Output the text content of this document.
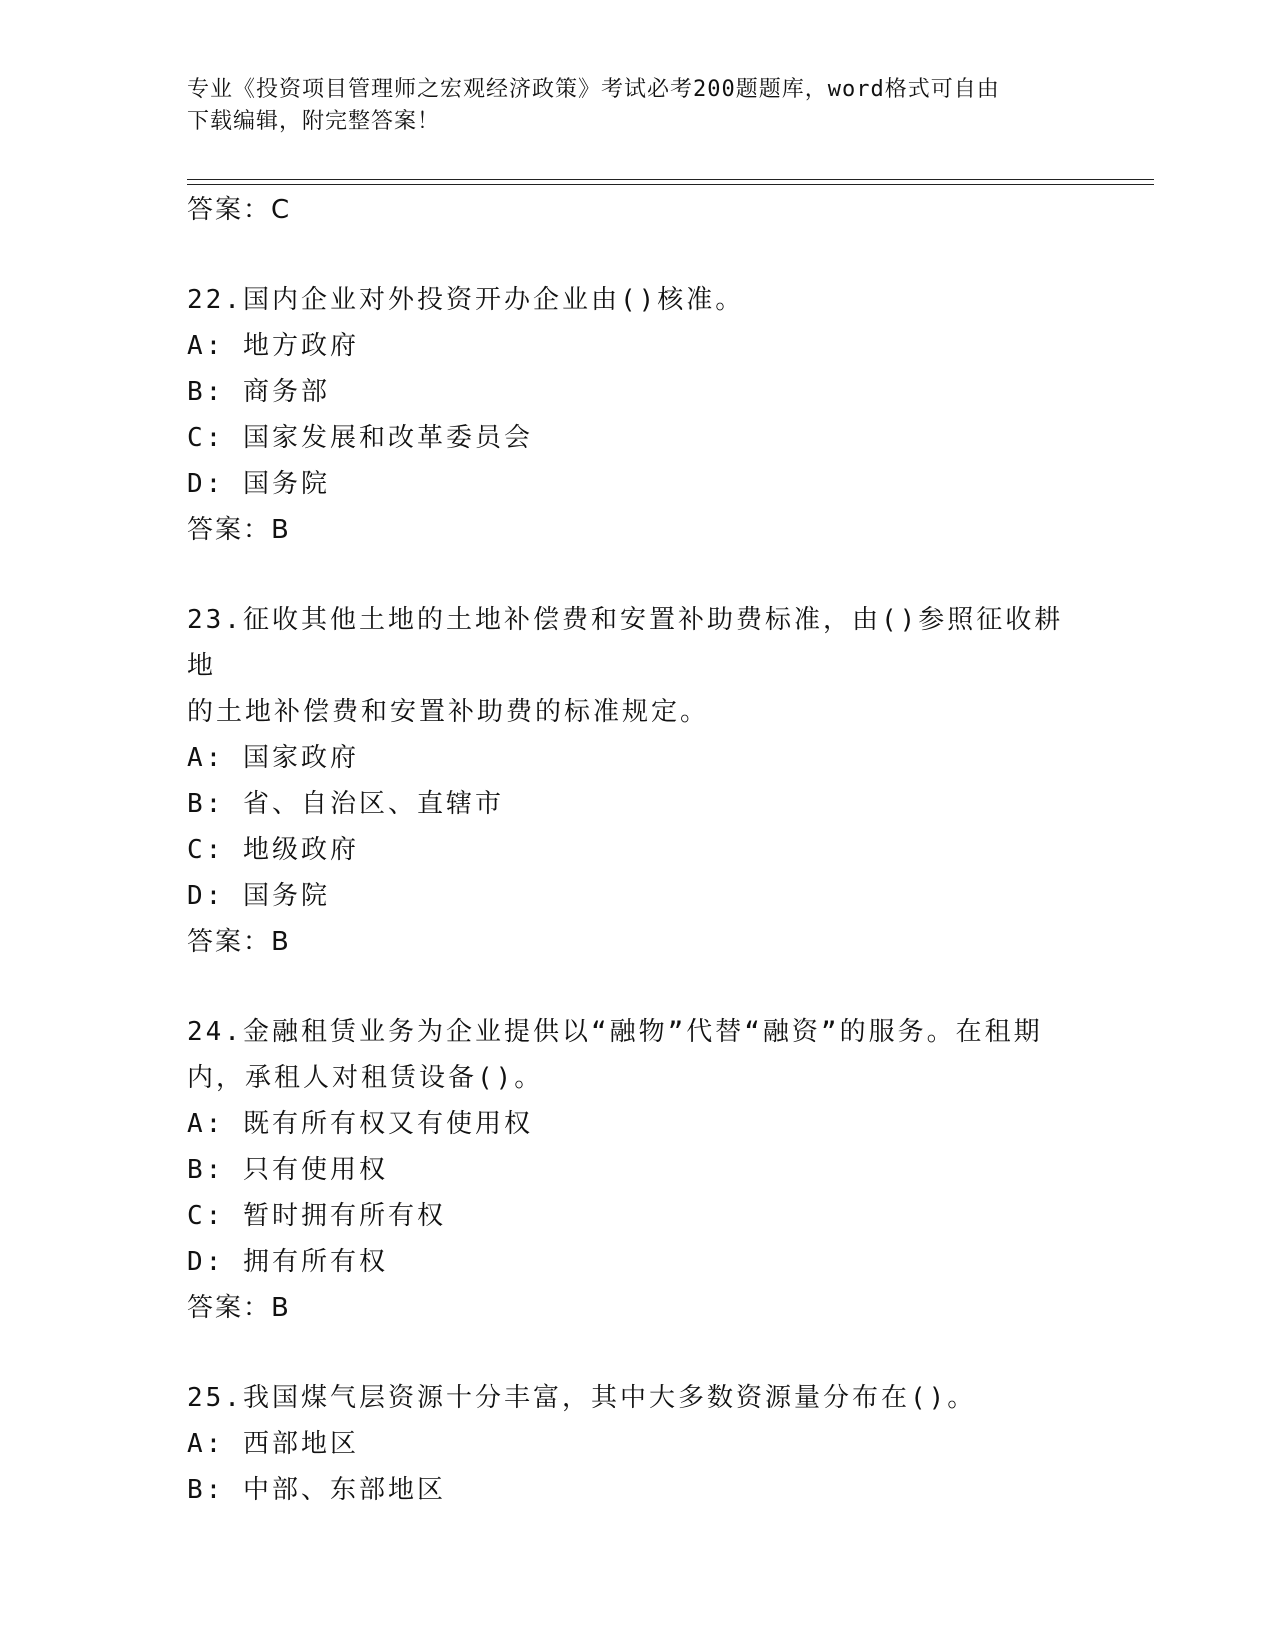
专业《投资项目管理师之宏观经济政策》考试必考200题题库，word格式可自由
下载编辑，附完整答案！

答案：C

22.国内企业对外投资开办企业由()核准。

A: 地方政府

B: 商务部

C: 国家发展和改革委员会

D: 国务院

答案：B

23.征收其他土地的土地补偿费和安置补助费标准，由()参照征收耕地

的土地补偿费和安置补助费的标准规定。

A: 国家政府

B: 省、自治区、直辖市

C: 地级政府

D: 国务院

答案：B

24.金融租赁业务为企业提供以“融物”代替“融资”的服务。在租期

内，承租人对租赁设备()。

A: 既有所有权又有使用权

B: 只有使用权

C: 暂时拥有所有权

D: 拥有所有权

答案：B

25.我国煤气层资源十分丰富，其中大多数资源量分布在()。

A: 西部地区

B: 中部、东部地区
